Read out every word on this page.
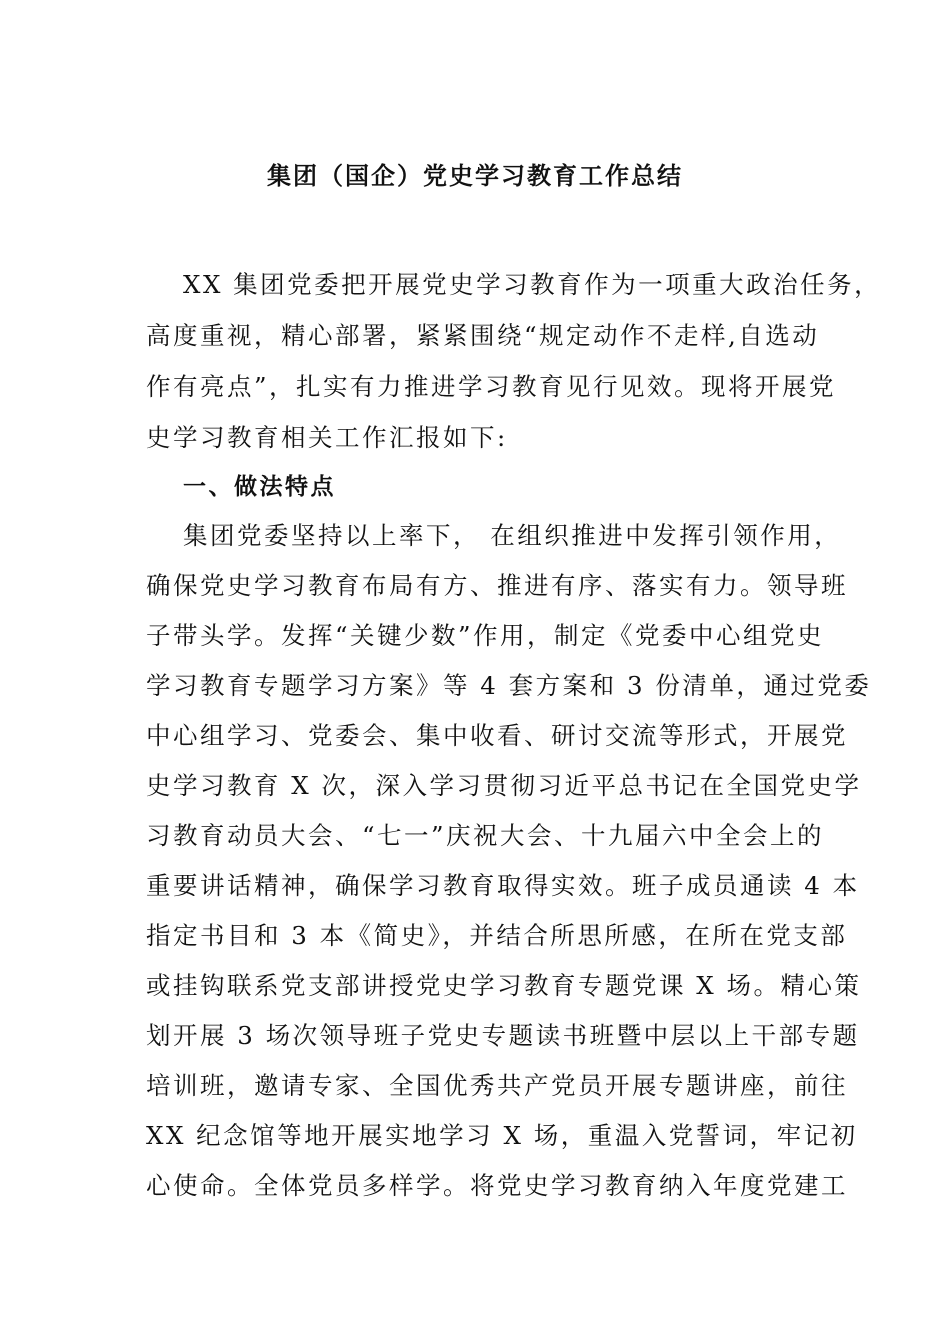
集团（国企）党史学习教育工作总结
XX 集团党委把开展党史学习教育作为一项重大政治任务，
高度重视，精心部署，紧紧围绕“规定动作不走样,自选动
作有亮点”，扎实有力推进学习教育见行见效。现将开展党
史学习教育相关工作汇报如下:
一、做法特点
集团党委坚持以上率下， 在组织推进中发挥引领作用，
确保党史学习教育布局有方、推进有序、落实有力。领导班
子带头学。发挥“关键少数”作用，制定《党委中心组党史
学习教育专题学习方案》等 4 套方案和 3 份清单，通过党委
中心组学习、党委会、集中收看、研讨交流等形式，开展党
史学习教育 X 次，深入学习贯彻习近平总书记在全国党史学
习教育动员大会、“七一”庆祝大会、十九届六中全会上的
重要讲话精神，确保学习教育取得实效。班子成员通读 4 本
指定书目和 3 本《简史》，并结合所思所感，在所在党支部
或挂钩联系党支部讲授党史学习教育专题党课 X 场。精心策
划开展 3 场次领导班子党史专题读书班暨中层以上干部专题
培训班，邀请专家、全国优秀共产党员开展专题讲座，前往
XX 纪念馆等地开展实地学习 X 场，重温入党誓词，牢记初
心使命。全体党员多样学。将党史学习教育纳入年度党建工
